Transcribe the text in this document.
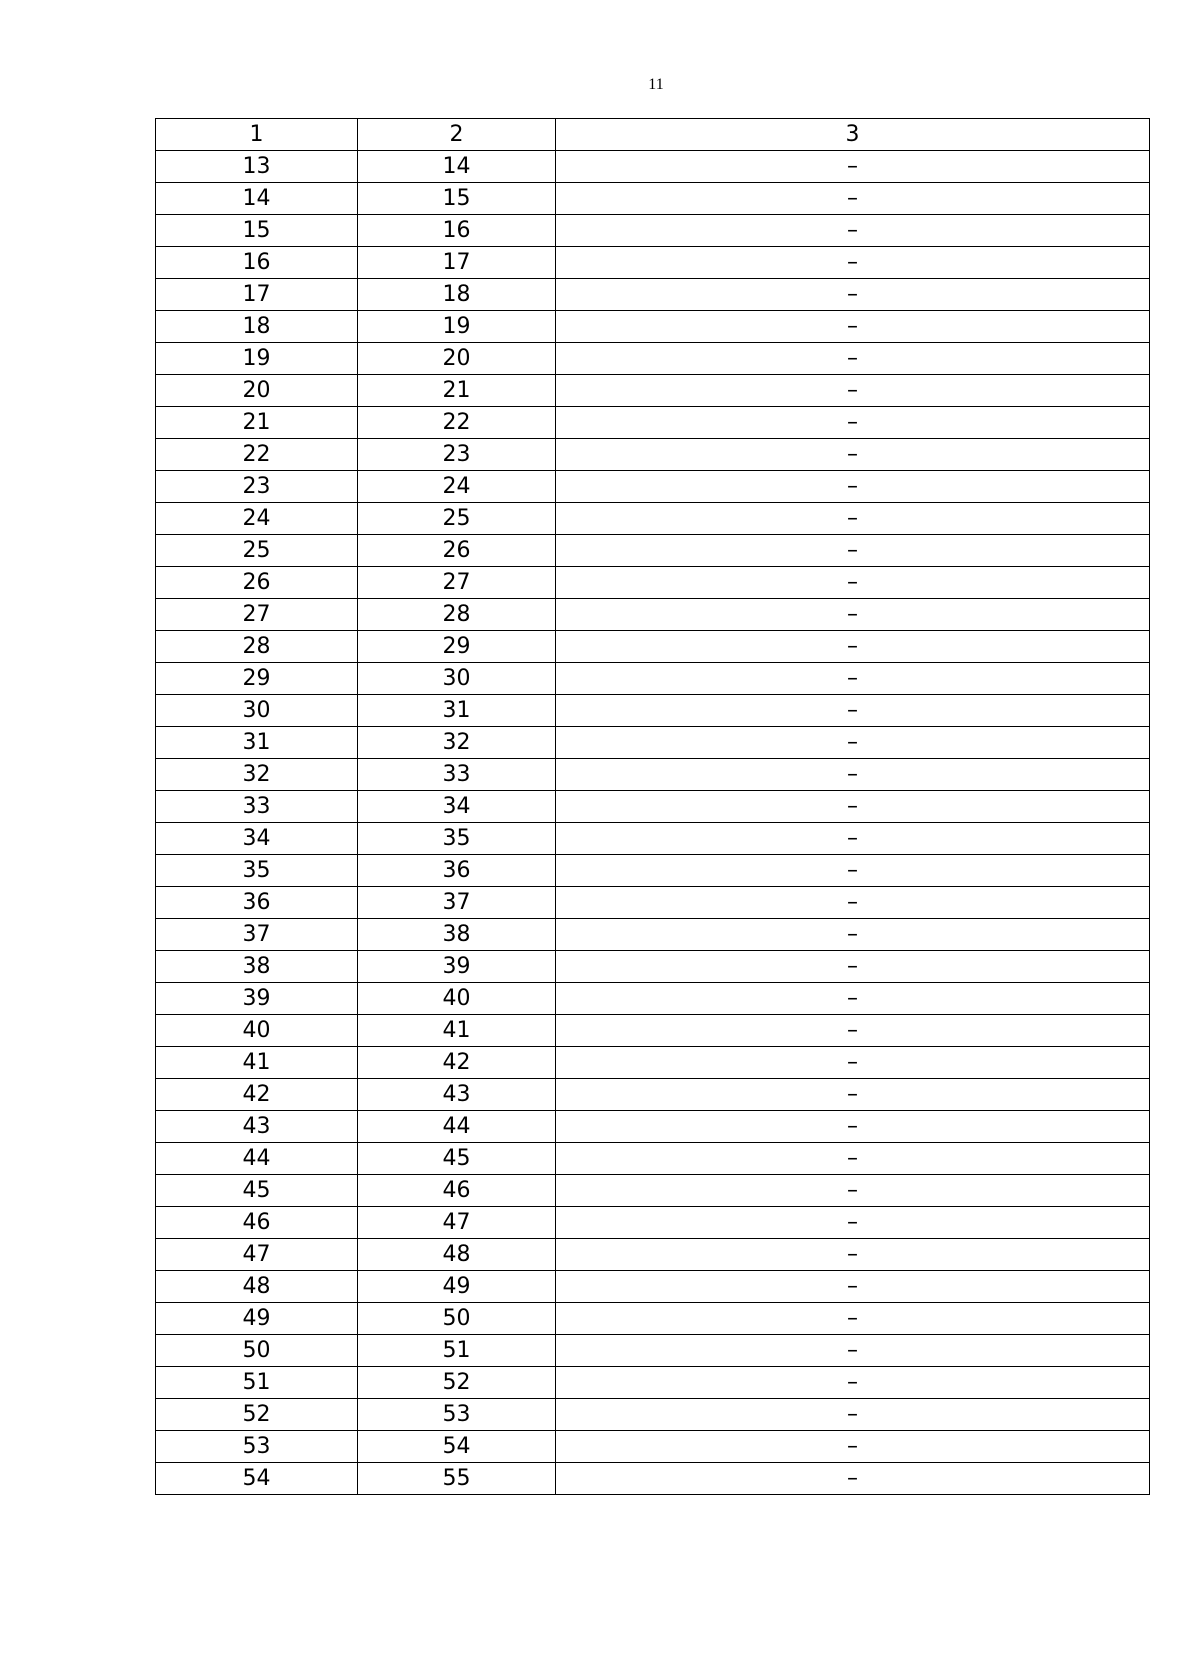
11
1	2	3
13	14	–
14	15	–
15	16	–
16	17	–
17	18	–
18	19	–
19	20	–
20	21	–
21	22	–
22	23	–
23	24	–
24	25	–
25	26	–
26	27	–
27	28	–
28	29	–
29	30	–
30	31	–
31	32	–
32	33	–
33	34	–
34	35	–
35	36	–
36	37	–
37	38	–
38	39	–
39	40	–
40	41	–
41	42	–
42	43	–
43	44	–
44	45	–
45	46	–
46	47	–
47	48	–
48	49	–
49	50	–
50	51	–
51	52	–
52	53	–
53	54	–
54	55	–
